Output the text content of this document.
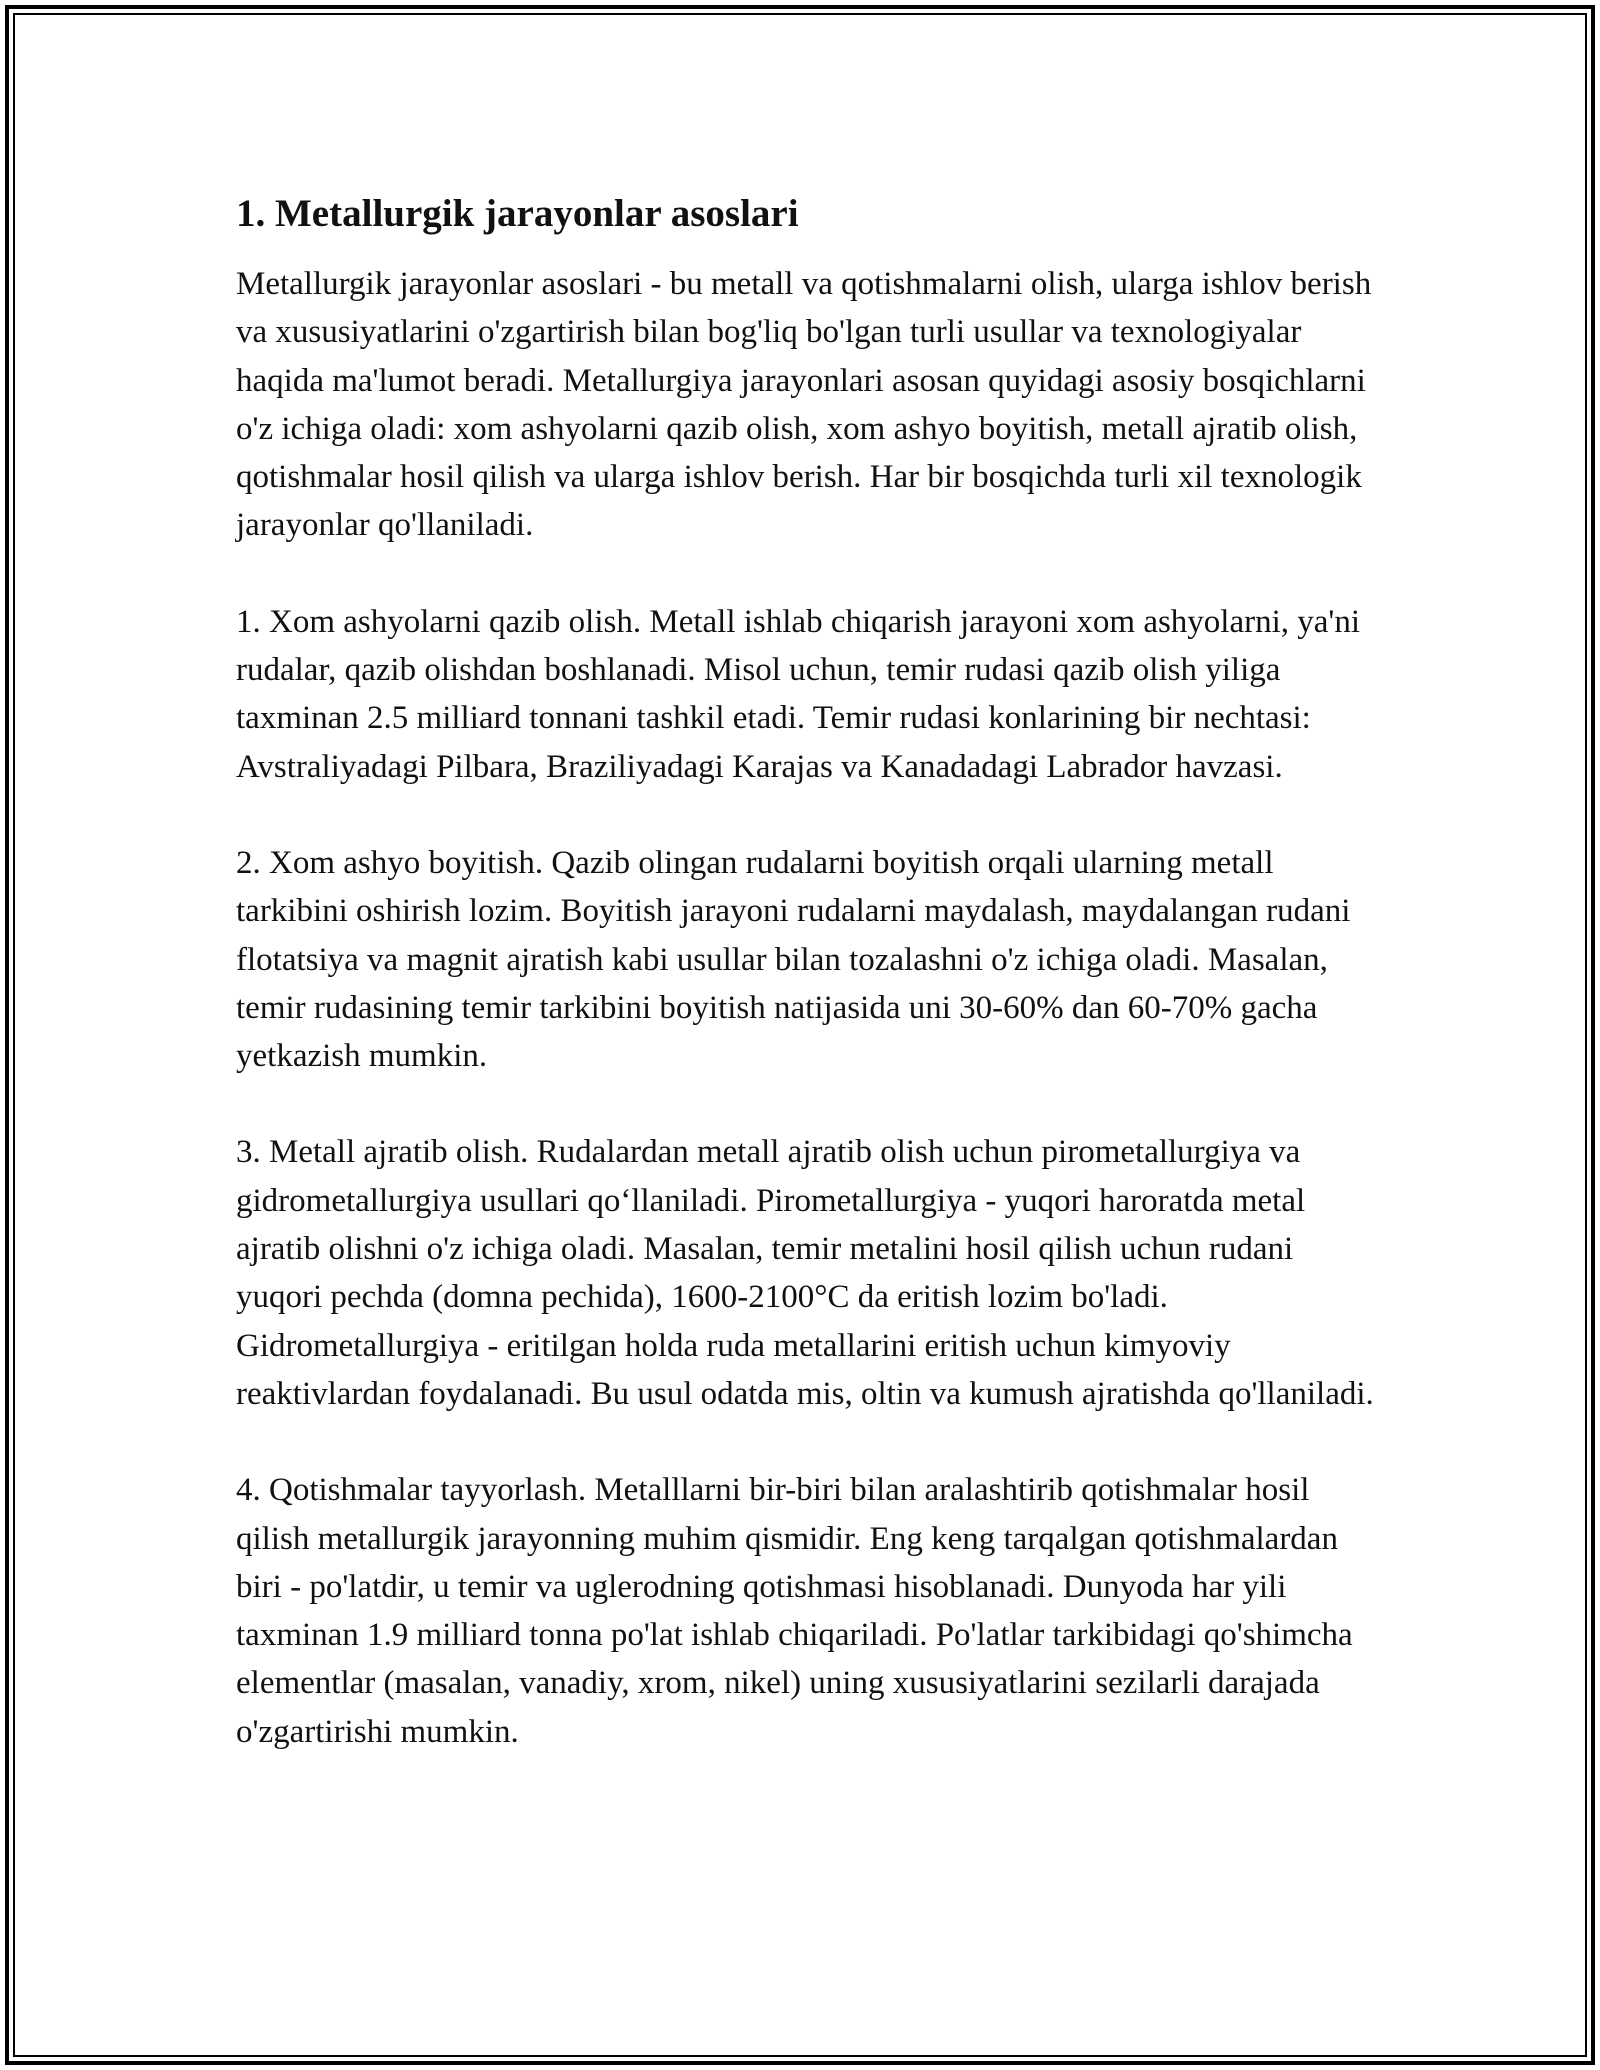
1. Metallurgik jarayonlar asoslari

Metallurgik jarayonlar asoslari - bu metall va qotishmalarni olish, ularga ishlov berish va xususiyatlarini o'zgartirish bilan bog'liq bo'lgan turli usullar va texnologiyalar haqida ma'lumot beradi. Metallurgiya jarayonlari asosan quyidagi asosiy bosqichlarni o'z ichiga oladi: xom ashyolarni qazib olish, xom ashyo boyitish, metall ajratib olish, qotishmalar hosil qilish va ularga ishlov berish. Har bir bosqichda turli xil texnologik jarayonlar qo'llaniladi.

1. Xom ashyolarni qazib olish. Metall ishlab chiqarish jarayoni xom ashyolarni, ya'ni rudalar, qazib olishdan boshlanadi. Misol uchun, temir rudasi qazib olish yiliga taxminan 2.5 milliard tonnani tashkil etadi. Temir rudasi konlarining bir nechtasi: Avstraliyadagi Pilbara, Braziliyadagi Karajas va Kanadadagi Labrador havzasi.

2. Xom ashyo boyitish. Qazib olingan rudalarni boyitish orqali ularning metall tarkibini oshirish lozim. Boyitish jarayoni rudalarni maydalash, maydalangan rudani flotatsiya va magnit ajratish kabi usullar bilan tozalashni o'z ichiga oladi. Masalan, temir rudasining temir tarkibini boyitish natijasida uni 30-60% dan 60-70% gacha yetkazish mumkin.

3. Metall ajratib olish. Rudalardan metall ajratib olish uchun pirometallurgiya va gidrometallurgiya usullari qo‘llaniladi. Pirometallurgiya - yuqori haroratda metal ajratib olishni o'z ichiga oladi. Masalan, temir metalini hosil qilish uchun rudani yuqori pechda (domna pechida), 1600-2100°C da eritish lozim bo'ladi. Gidrometallurgiya - eritilgan holda ruda metallarini eritish uchun kimyoviy reaktivlardan foydalanadi. Bu usul odatda mis, oltin va kumush ajratishda qo'llaniladi.

4. Qotishmalar tayyorlash. Metalllarni bir-biri bilan aralashtirib qotishmalar hosil qilish metallurgik jarayonning muhim qismidir. Eng keng tarqalgan qotishmalardan biri - po'latdir, u temir va uglerodning qotishmasi hisoblanadi. Dunyoda har yili taxminan 1.9 milliard tonna po'lat ishlab chiqariladi. Po'latlar tarkibidagi qo'shimcha elementlar (masalan, vanadiy, xrom, nikel) uning xususiyatlarini sezilarli darajada o'zgartirishi mumkin.
